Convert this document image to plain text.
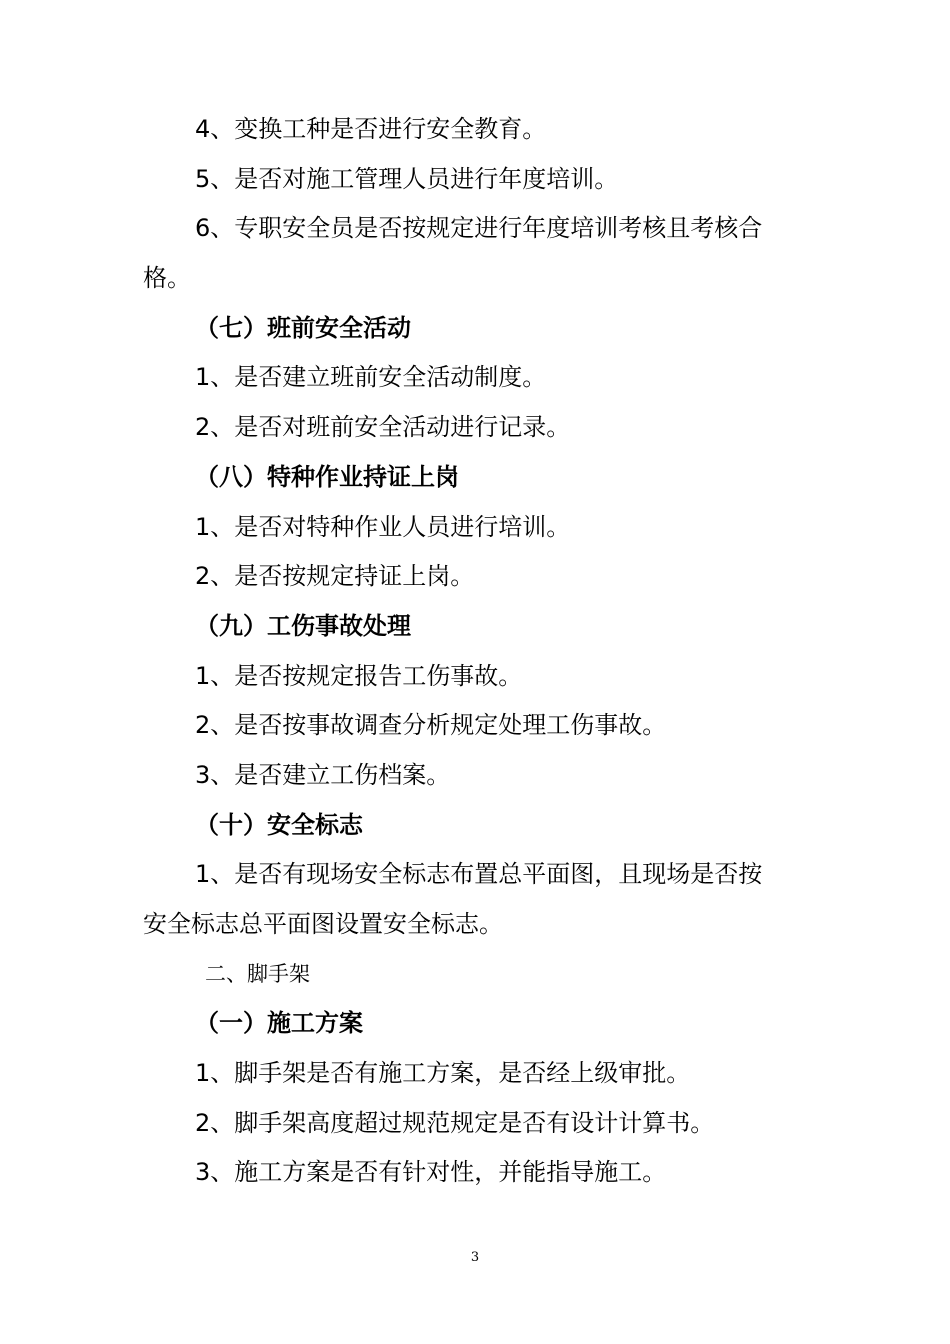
4、变换工种是否进行安全教育。
5、是否对施工管理人员进行年度培训。
6、专职安全员是否按规定进行年度培训考核且考核合
格。
（七）班前安全活动
1、是否建立班前安全活动制度。
2、是否对班前安全活动进行记录。
（八）特种作业持证上岗
1、是否对特种作业人员进行培训。
2、是否按规定持证上岗。
（九）工伤事故处理
1、是否按规定报告工伤事故。
2、是否按事故调查分析规定处理工伤事故。
3、是否建立工伤档案。
（十）安全标志
1、是否有现场安全标志布置总平面图，且现场是否按
安全标志总平面图设置安全标志。
二、脚手架
（一）施工方案
1、脚手架是否有施工方案，是否经上级审批。
2、脚手架高度超过规范规定是否有设计计算书。
3、施工方案是否有针对性，并能指导施工。
3
